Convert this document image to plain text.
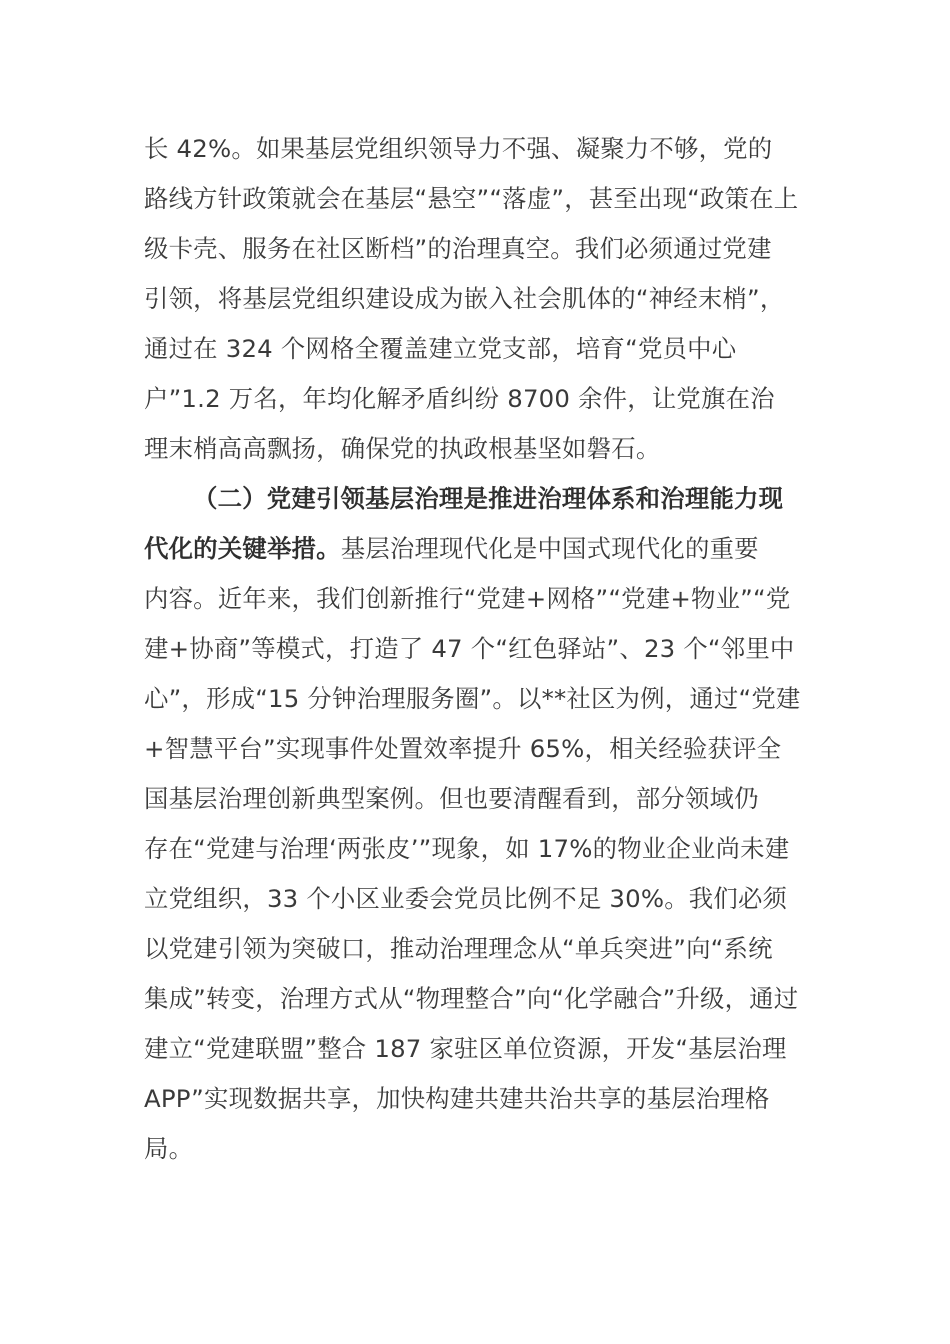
长 42%。如果基层党组织领导力不强、凝聚力不够，党的

路线方针政策就会在基层“悬空”“落虚”，甚至出现“政策在上

级卡壳、服务在社区断档”的治理真空。我们必须通过党建

引领，将基层党组织建设成为嵌入社会肌体的“神经末梢”，

通过在 324 个网格全覆盖建立党支部，培育“党员中心

户”1.2 万名，年均化解矛盾纠纷 8700 余件，让党旗在治

理末梢高高飘扬，确保党的执政根基坚如磐石。

（二）党建引领基层治理是推进治理体系和治理能力现

代化的关键举措。基层治理现代化是中国式现代化的重要

内容。近年来，我们创新推行“党建+网格”“党建+物业”“党

建+协商”等模式，打造了 47 个“红色驿站”、23 个“邻里中

心”，形成“15 分钟治理服务圈”。以**社区为例，通过“党建

+智慧平台”实现事件处置效率提升 65%，相关经验获评全

国基层治理创新典型案例。但也要清醒看到，部分领域仍

存在“党建与治理‘两张皮’”现象，如 17%的物业企业尚未建

立党组织，33 个小区业委会党员比例不足 30%。我们必须

以党建引领为突破口，推动治理理念从“单兵突进”向“系统

集成”转变，治理方式从“物理整合”向“化学融合”升级，通过

建立“党建联盟”整合 187 家驻区单位资源，开发“基层治理

APP”实现数据共享，加快构建共建共治共享的基层治理格

局。
